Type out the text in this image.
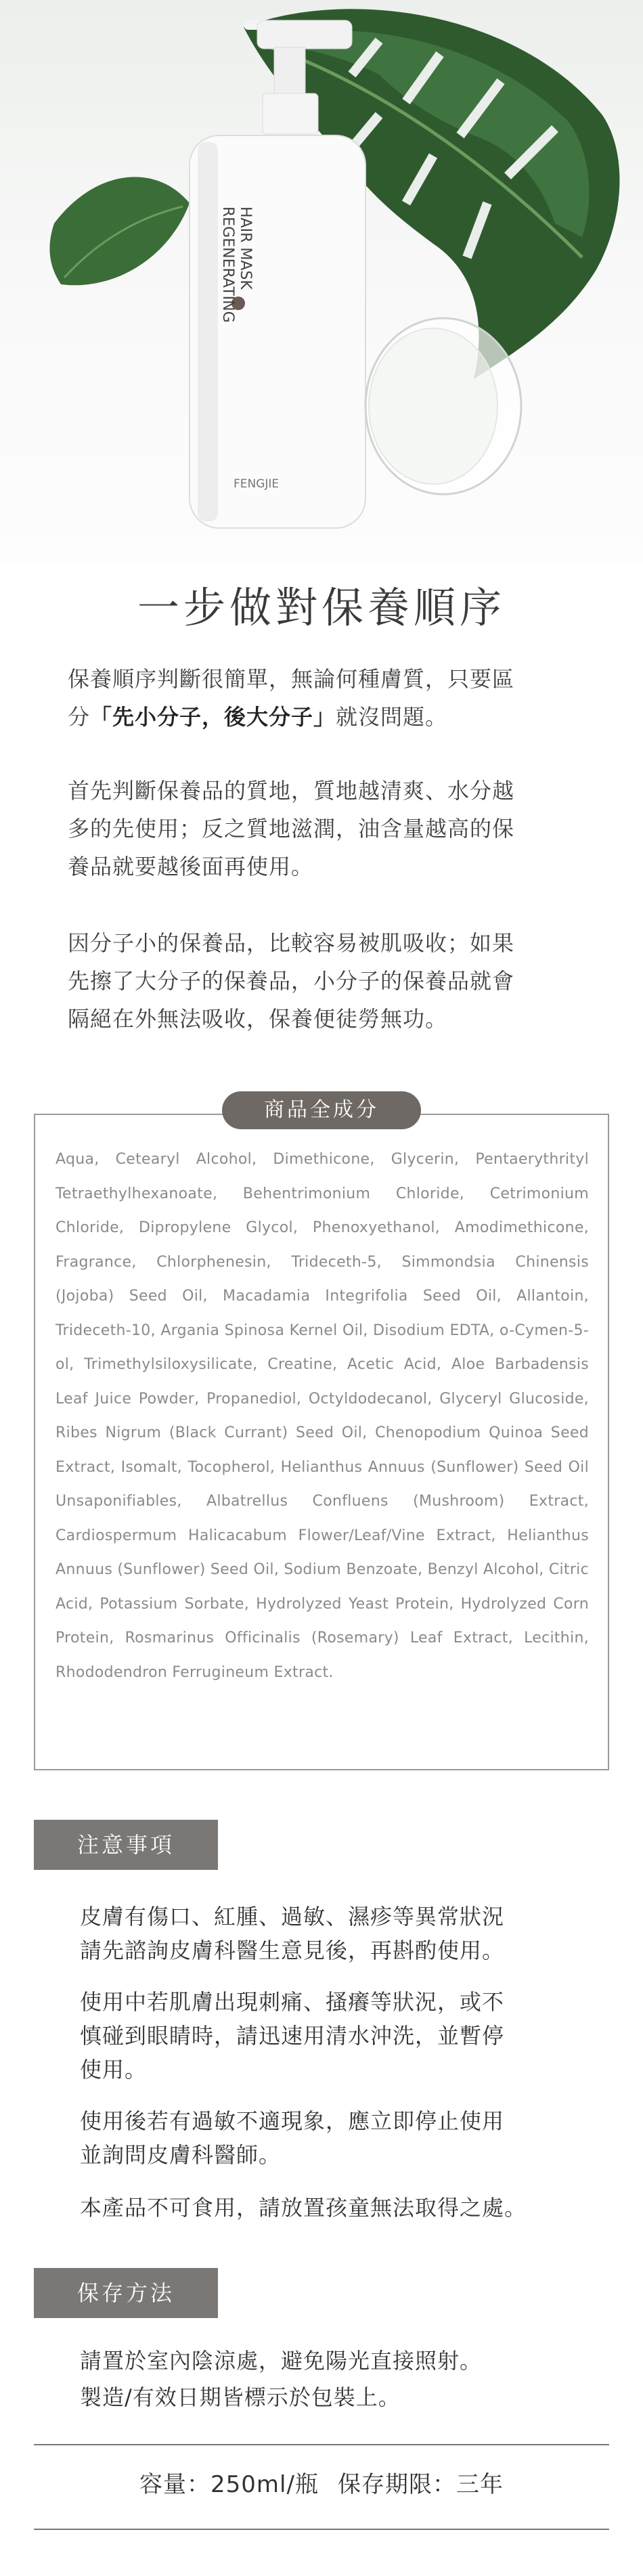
REGENERATING HAIR MASK
FENGJIE
一步做對保養順序
保養順序判斷很簡單，無論何種膚質，只要區
分「先小分子，後大分子」就沒問題。
首先判斷保養品的質地，質地越清爽、水分越
多的先使用；反之質地滋潤，油含量越高的保
養品就要越後面再使用。
因分子小的保養品，比較容易被肌吸收；如果
先擦了大分子的保養品，小分子的保養品就會
隔絕在外無法吸收，保養便徒勞無功。
商品全成分
Aqua, Cetearyl Alcohol, Dimethicone, Glycerin, Pentaerythrityl Tetraethylhexanoate, Behentrimonium Chloride, Cetrimonium Chloride, Dipropylene Glycol, Phenoxyethanol, Amodimethicone, Fragrance, Chlorphenesin, Trideceth-5, Simmondsia Chinensis (Jojoba) Seed Oil, Macadamia Integrifolia Seed Oil, Allantoin, Trideceth-10, Argania Spinosa Kernel Oil, Disodium EDTA, o-Cymen-5-ol, Trimethylsiloxysilicate, Creatine, Acetic Acid, Aloe Barbadensis Leaf Juice Powder, Propanediol, Octyldodecanol, Glyceryl Glucoside, Ribes Nigrum (Black Currant) Seed Oil, Chenopodium Quinoa Seed Extract, Isomalt, Tocopherol, Helianthus Annuus (Sunflower) Seed Oil Unsaponifiables, Albatrellus Confluens (Mushroom) Extract, Cardiospermum Halicacabum Flower/Leaf/Vine Extract, Helianthus Annuus (Sunflower) Seed Oil, Sodium Benzoate, Benzyl Alcohol, Citric Acid, Potassium Sorbate, Hydrolyzed Yeast Protein, Hydrolyzed Corn Protein, Rosmarinus Officinalis (Rosemary) Leaf Extract, Lecithin, Rhododendron Ferrugineum Extract.
注意事項
皮膚有傷口、紅腫、過敏、濕疹等異常狀況
請先諮詢皮膚科醫生意見後，再斟酌使用。
使用中若肌膚出現刺痛、搔癢等狀況，或不
慎碰到眼睛時，請迅速用清水沖洗，並暫停
使用。
使用後若有過敏不適現象，應立即停止使用
並詢問皮膚科醫師。
本產品不可食用，請放置孩童無法取得之處。
保存方法
請置於室內陰涼處，避免陽光直接照射。
製造/有效日期皆標示於包裝上。
容量：250ml/瓶 保存期限：三年
